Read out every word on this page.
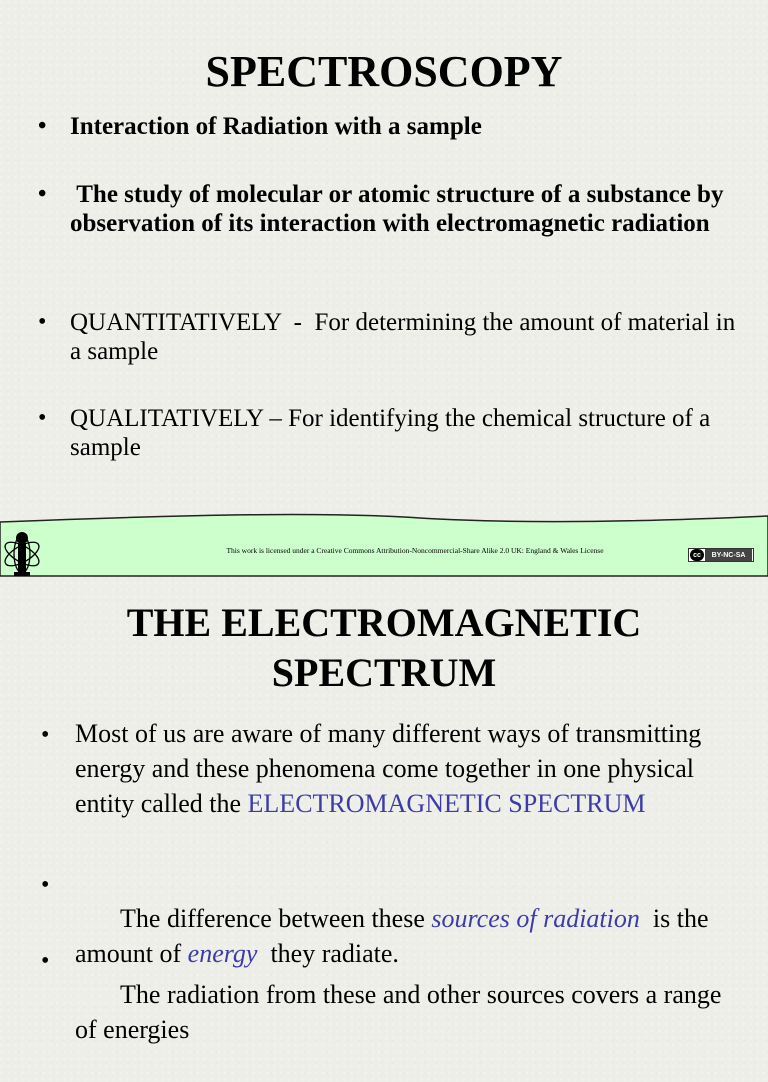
SPECTROSCOPY
• Interaction of Radiation with a sample
• The study of molecular or atomic structure of a substance by observation of its interaction with electromagnetic radiation
• QUANTITATIVELY  -  For determining the amount of material in a sample
• QUALITATIVELY – For identifying the chemical structure of a sample
This work is licensed under a Creative Commons Attribution-Noncommercial-Share Alike 2.0 UK: England & Wales License	cc	BY-NC-SA
THE ELECTROMAGNETIC
SPECTRUM
• Most of us are aware of many different ways of transmitting energy and these phenomena come together in one physical entity called the ELECTROMAGNETIC SPECTRUM

•
The difference between these sources of radiation  is the amount of energy  they radiate.

•
The radiation from these and other sources covers a range of energies
